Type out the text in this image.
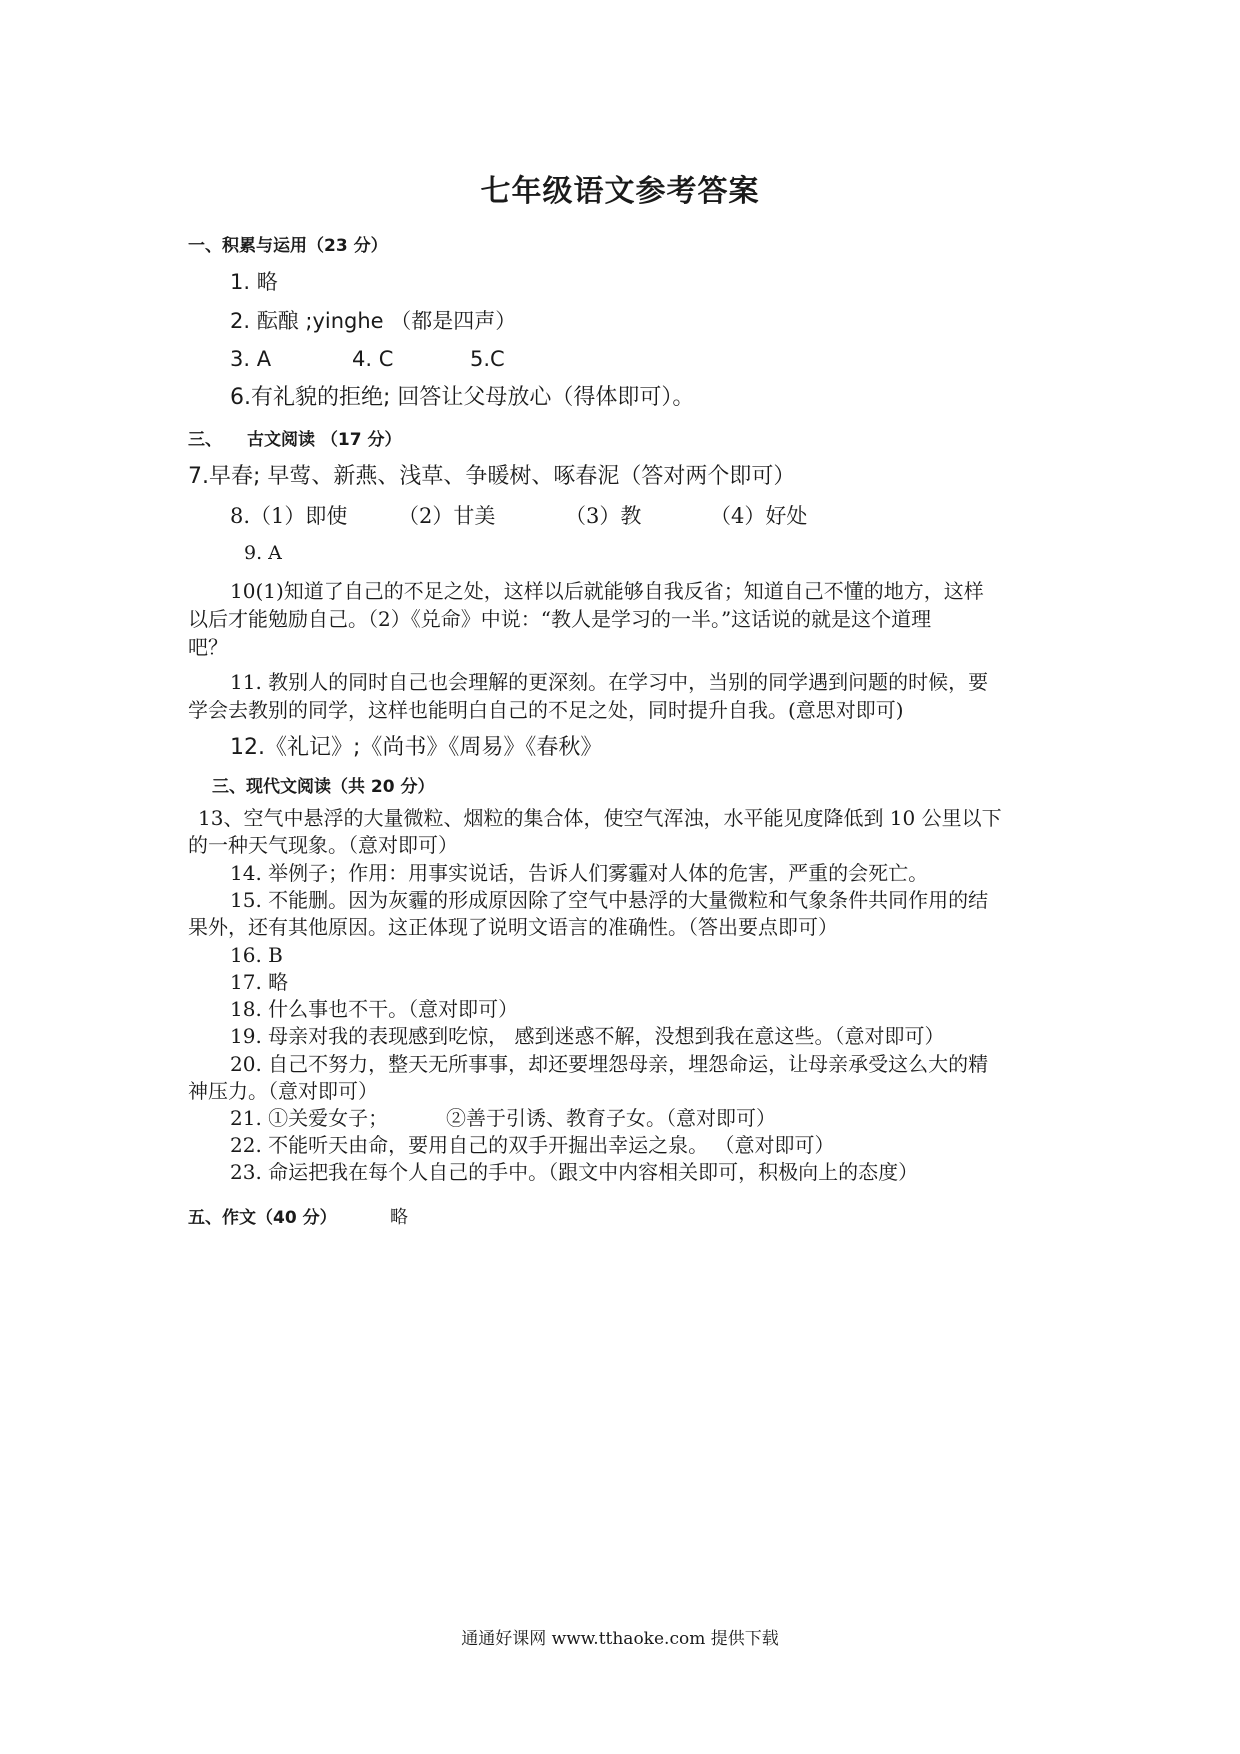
七年级语文参考答案
一、积累与运用（23 分）
1. 略
2. 酝酿 ;yinghe （都是四声）
3. A	4. C	5.C
6.有礼貌的拒绝; 回答让父母放心（得体即可）。
三、 古文阅读 （17 分）
7.早春; 早莺、新燕、浅草、争暖树、啄春泥（答对两个即可）
8.（1）即使 （2）甘美	（3）教	（4）好处
9. A
10(1)知道了自己的不足之处，这样以后就能够自我反省；知道自己不懂的地方，这样
以后才能勉励自己。（2）《兑命》中说：“教人是学习的一半。”这话说的就是这个道理
吧？
11. 教别人的同时自己也会理解的更深刻。在学习中，当别的同学遇到问题的时候，要
学会去教别的同学，这样也能明白自己的不足之处，同时提升自我。(意思对即可)
12.《礼记》;《尚书》《周易》《春秋》
三、现代文阅读（共 20 分）
13、空气中悬浮的大量微粒、烟粒的集合体，使空气浑浊，水平能见度降低到 10 公里以下
的一种天气现象。（意对即可）
14. 举例子；作用：用事实说话，告诉人们雾霾对人体的危害，严重的会死亡。
15. 不能删。因为灰霾的形成原因除了空气中悬浮的大量微粒和气象条件共同作用的结
果外，还有其他原因。这正体现了说明文语言的准确性。（答出要点即可）
16. B
17. 略
18. 什么事也不干。（意对即可）
19. 母亲对我的表现感到吃惊， 感到迷惑不解，没想到我在意这些。（意对即可）
20. 自己不努力，整天无所事事，却还要埋怨母亲，埋怨命运，让母亲承受这么大的精
神压力。（意对即可）
21. ①关爱女子；	②善于引诱、教育子女。（意对即可）
22. 不能听天由命，要用自己的双手开掘出幸运之泉。 （意对即可）
23. 命运把我在每个人自己的手中。（跟文中内容相关即可，积极向上的态度）
五、作文（40 分）	略
通通好课网 www.tthaoke.com 提供下载
